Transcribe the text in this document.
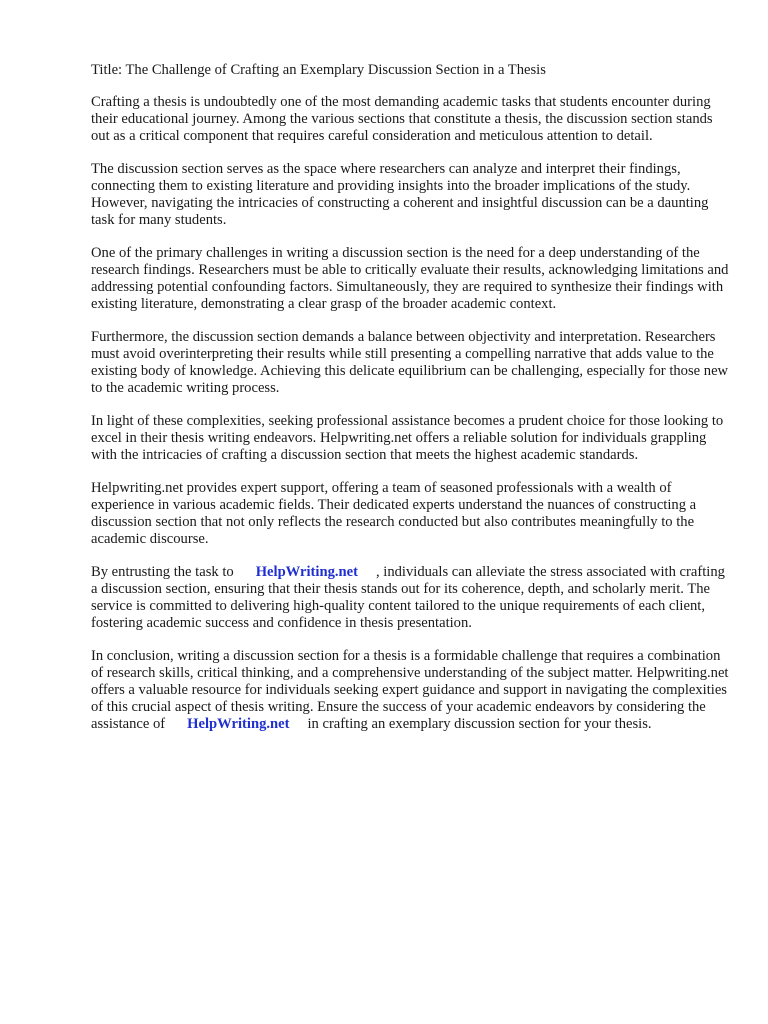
Title: The Challenge of Crafting an Exemplary Discussion Section in a Thesis

Crafting a thesis is undoubtedly one of the most demanding academic tasks that students encounter during their educational journey. Among the various sections that constitute a thesis, the discussion section stands out as a critical component that requires careful consideration and meticulous attention to detail.

The discussion section serves as the space where researchers can analyze and interpret their findings, connecting them to existing literature and providing insights into the broader implications of the study. However, navigating the intricacies of constructing a coherent and insightful discussion can be a daunting task for many students.

One of the primary challenges in writing a discussion section is the need for a deep understanding of the research findings. Researchers must be able to critically evaluate their results, acknowledging limitations and addressing potential confounding factors. Simultaneously, they are required to synthesize their findings with existing literature, demonstrating a clear grasp of the broader academic context.

Furthermore, the discussion section demands a balance between objectivity and interpretation. Researchers must avoid overinterpreting their results while still presenting a compelling narrative that adds value to the existing body of knowledge. Achieving this delicate equilibrium can be challenging, especially for those new to the academic writing process.

In light of these complexities, seeking professional assistance becomes a prudent choice for those looking to excel in their thesis writing endeavors. Helpwriting.net offers a reliable solution for individuals grappling with the intricacies of crafting a discussion section that meets the highest academic standards.

Helpwriting.net provides expert support, offering a team of seasoned professionals with a wealth of experience in various academic fields. Their dedicated experts understand the nuances of constructing a discussion section that not only reflects the research conducted but also contributes meaningfully to the academic discourse.

By entrusting the task to HelpWriting.net , individuals can alleviate the stress associated with crafting a discussion section, ensuring that their thesis stands out for its coherence, depth, and scholarly merit. The service is committed to delivering high-quality content tailored to the unique requirements of each client, fostering academic success and confidence in thesis presentation.

In conclusion, writing a discussion section for a thesis is a formidable challenge that requires a combination of research skills, critical thinking, and a comprehensive understanding of the subject matter. Helpwriting.net offers a valuable resource for individuals seeking expert guidance and support in navigating the complexities of this crucial aspect of thesis writing. Ensure the success of your academic endeavors by considering the assistance of HelpWriting.net in crafting an exemplary discussion section for your thesis.
